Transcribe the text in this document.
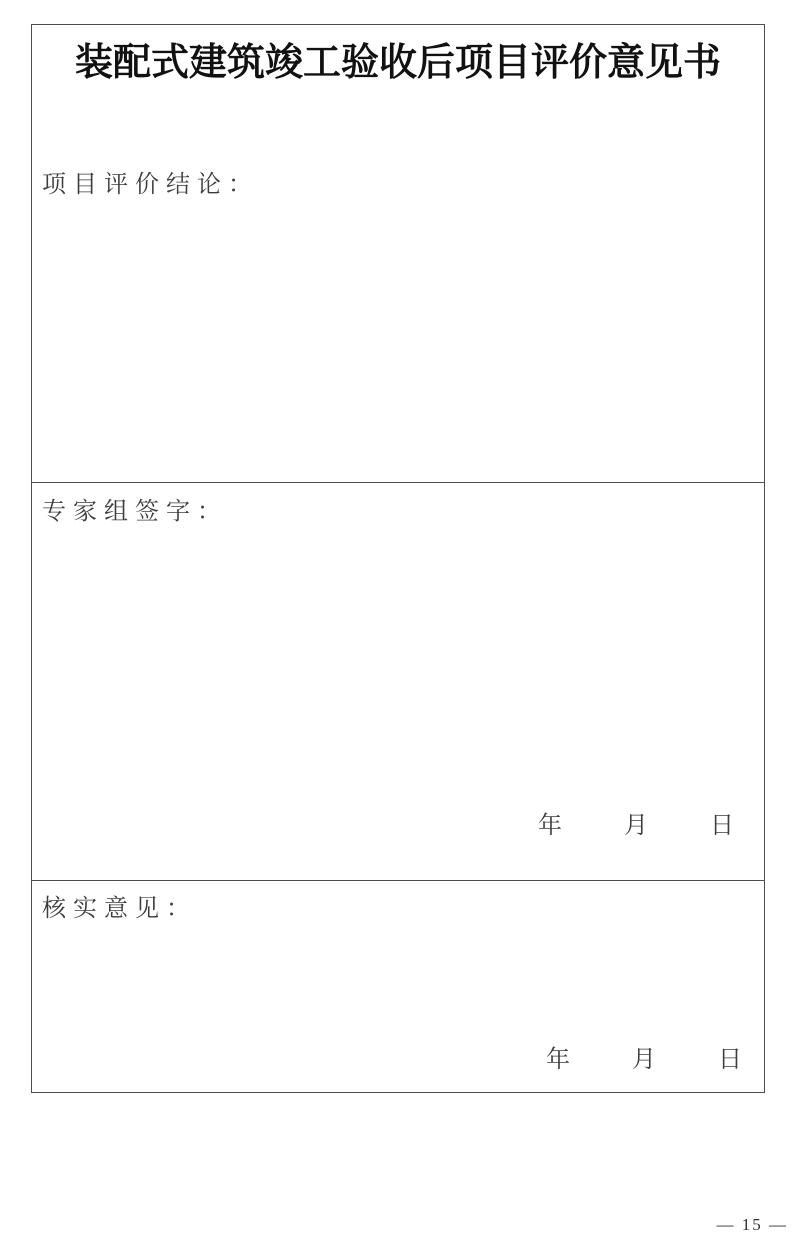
装配式建筑竣工验收后项目评价意见书
项目评价结论：
专家组签字：
年	月	日
核实意见：
年	月	日
— 15 —
